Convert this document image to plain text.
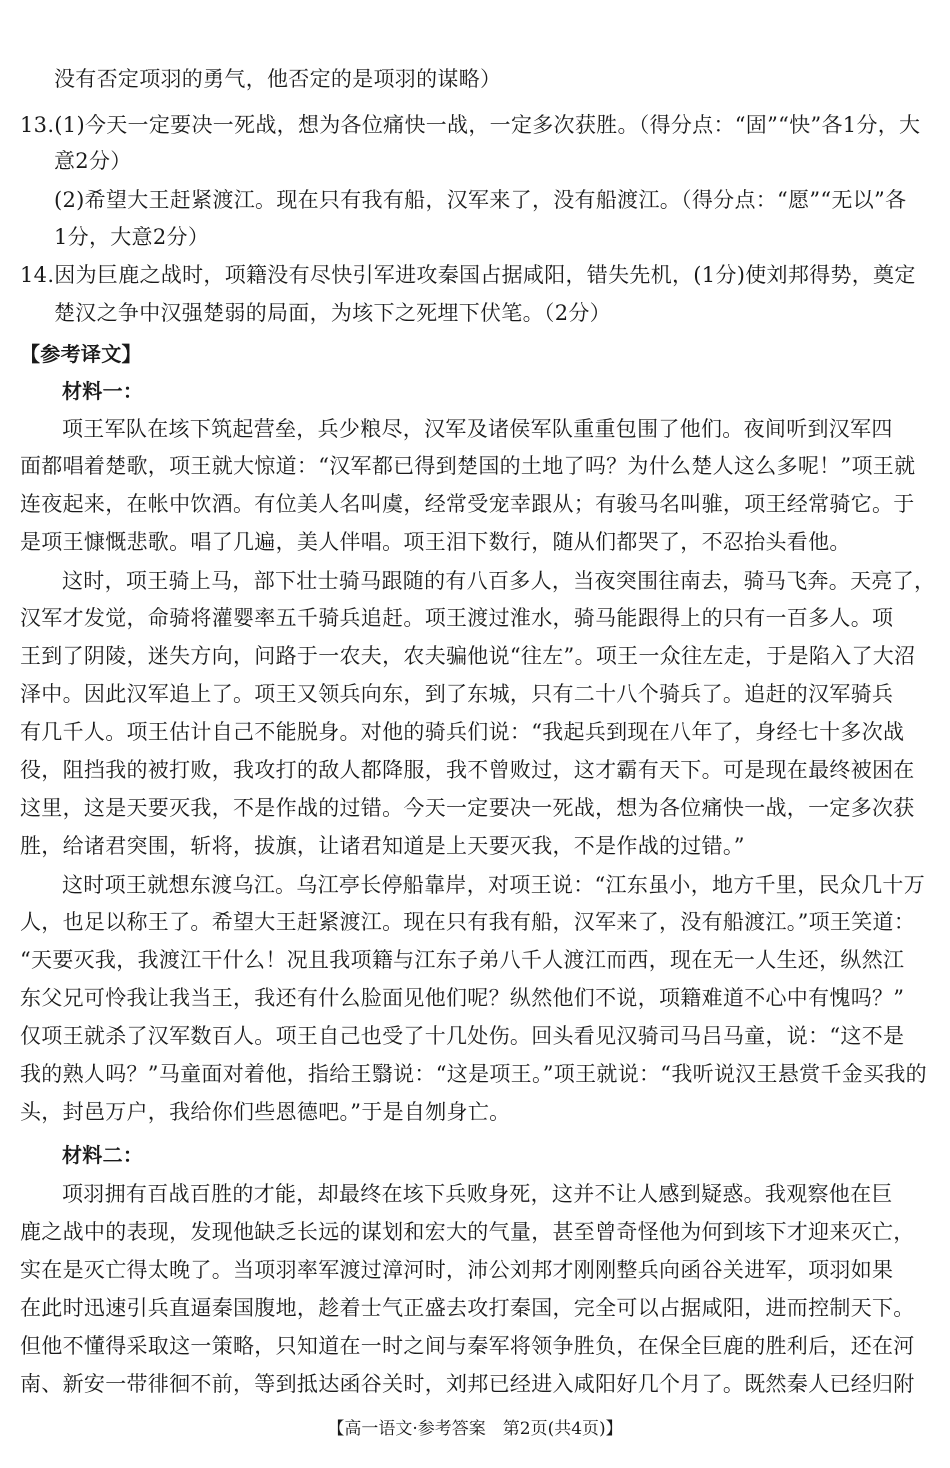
没有否定项羽的勇气，他否定的是项羽的谋略）
13.(1)今天一定要决一死战，想为各位痛快一战，一定多次获胜。（得分点：“固”“快”各1分，大
意2分）
(2)希望大王赶紧渡江。现在只有我有船，汉军来了，没有船渡江。（得分点：“愿”“无以”各
1分，大意2分）
14.因为巨鹿之战时，项籍没有尽快引军进攻秦国占据咸阳，错失先机，(1分)使刘邦得势，奠定
楚汉之争中汉强楚弱的局面，为垓下之死埋下伏笔。（2分）
【参考译文】
材料一：
项王军队在垓下筑起营垒，兵少粮尽，汉军及诸侯军队重重包围了他们。夜间听到汉军四
面都唱着楚歌，项王就大惊道：“汉军都已得到楚国的土地了吗？为什么楚人这么多呢！”项王就
连夜起来，在帐中饮酒。有位美人名叫虞，经常受宠幸跟从；有骏马名叫骓，项王经常骑它。于
是项王慷慨悲歌。唱了几遍，美人伴唱。项王泪下数行，随从们都哭了，不忍抬头看他。
这时，项王骑上马，部下壮士骑马跟随的有八百多人，当夜突围往南去，骑马飞奔。天亮了，
汉军才发觉，命骑将灌婴率五千骑兵追赶。项王渡过淮水，骑马能跟得上的只有一百多人。项
王到了阴陵，迷失方向，问路于一农夫，农夫骗他说“往左”。项王一众往左走，于是陷入了大沼
泽中。因此汉军追上了。项王又领兵向东，到了东城，只有二十八个骑兵了。追赶的汉军骑兵
有几千人。项王估计自己不能脱身。对他的骑兵们说：“我起兵到现在八年了，身经七十多次战
役，阻挡我的被打败，我攻打的敌人都降服，我不曾败过，这才霸有天下。可是现在最终被困在
这里，这是天要灭我，不是作战的过错。今天一定要决一死战，想为各位痛快一战，一定多次获
胜，给诸君突围，斩将，拔旗，让诸君知道是上天要灭我，不是作战的过错。”
这时项王就想东渡乌江。乌江亭长停船靠岸，对项王说：“江东虽小，地方千里，民众几十万
人，也足以称王了。希望大王赶紧渡江。现在只有我有船，汉军来了，没有船渡江。”项王笑道：
“天要灭我，我渡江干什么！况且我项籍与江东子弟八千人渡江而西，现在无一人生还，纵然江
东父兄可怜我让我当王，我还有什么脸面见他们呢？纵然他们不说，项籍难道不心中有愧吗？”
仅项王就杀了汉军数百人。项王自己也受了十几处伤。回头看见汉骑司马吕马童，说：“这不是
我的熟人吗？”马童面对着他，指给王翳说：“这是项王。”项王就说：“我听说汉王悬赏千金买我的
头，封邑万户，我给你们些恩德吧。”于是自刎身亡。
材料二：
项羽拥有百战百胜的才能，却最终在垓下兵败身死，这并不让人感到疑惑。我观察他在巨
鹿之战中的表现，发现他缺乏长远的谋划和宏大的气量，甚至曾奇怪他为何到垓下才迎来灭亡，
实在是灭亡得太晚了。当项羽率军渡过漳河时，沛公刘邦才刚刚整兵向函谷关进军，项羽如果
在此时迅速引兵直逼秦国腹地，趁着士气正盛去攻打秦国，完全可以占据咸阳，进而控制天下。
但他不懂得采取这一策略，只知道在一时之间与秦军将领争胜负，在保全巨鹿的胜利后，还在河
南、新安一带徘徊不前，等到抵达函谷关时，刘邦已经进入咸阳好几个月了。既然秦人已经归附
【高一语文·参考答案　第2页(共4页)】
